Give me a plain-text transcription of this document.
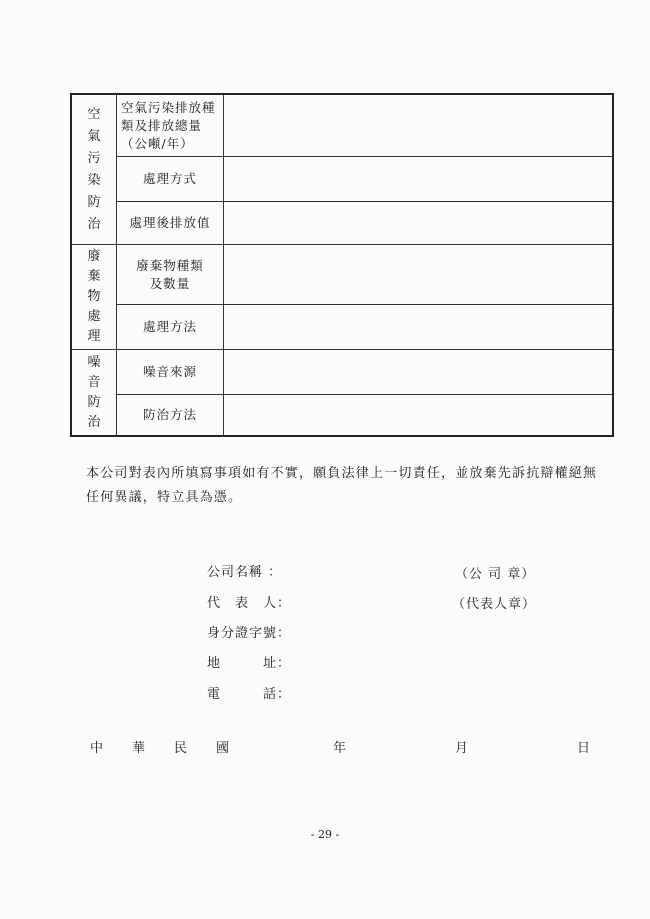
空氣污染防治	空氣污染排放種類及排放總量（公噸/年）	
	處理方式	
	處理後排放值	

廢棄物處理	廢棄物種類及數量	
	處理方法	

噪音防治	噪音來源	
	防治方法	

本公司對表內所填寫事項如有不實，願負法律上一切責任，並放棄先訴抗辯權絕無任何異議，特立具為憑。

公司名稱 ：
代　表　人：
身分證字號：
地　　　址：
電　　　話：
（公 司 章）
（代表人章）
中　　華　　民　　國	年	月	日
- 29 -
